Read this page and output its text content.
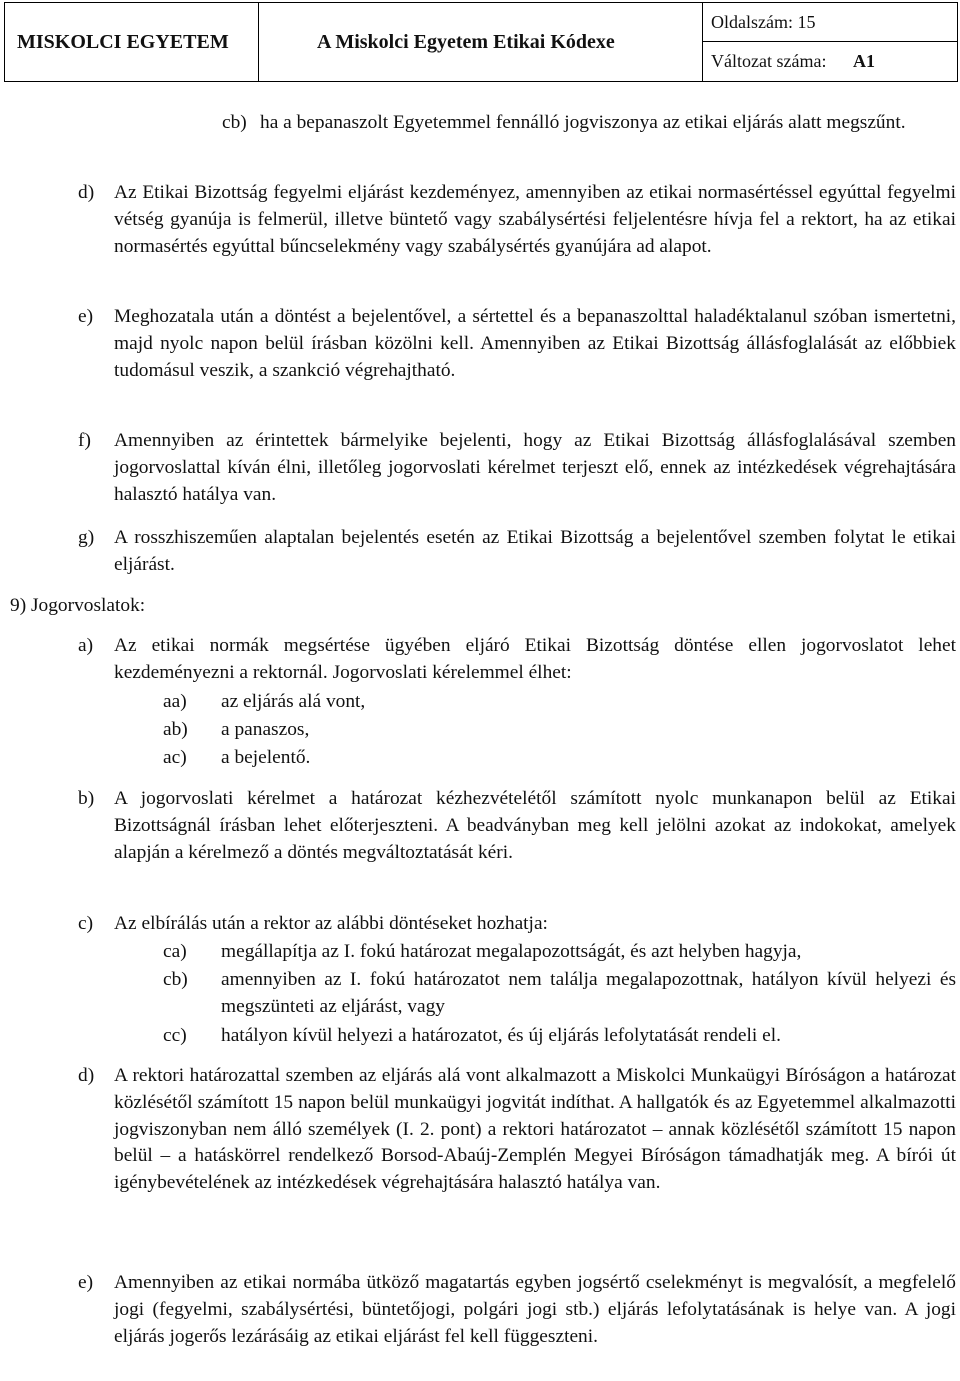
MISKOLCI EGYETEM	A Miskolci Egyetem Etikai Kódexe
Oldalszám: 15
Változat száma:	A1
cb) ha a bepanaszolt Egyetemmel fennálló jogviszonya az etikai eljárás alatt megszűnt.
d) Az Etikai Bizottság fegyelmi eljárást kezdeményez, amennyiben az etikai normasértéssel egyúttal fegyelmi vétség gyanúja is felmerül, illetve büntető vagy szabálysértési feljelentésre hívja fel a rektort, ha az etikai normasértés egyúttal bűncselekmény vagy szabálysértés gyanújára ad alapot.
e) Meghozatala után a döntést a bejelentővel, a sértettel és a bepanaszolttal haladéktalanul szóban ismertetni, majd nyolc napon belül írásban közölni kell. Amennyiben az Etikai Bizottság állásfoglalását az előbbiek tudomásul veszik, a szankció végrehajtható.
f) Amennyiben az érintettek bármelyike bejelenti, hogy az Etikai Bizottság állásfoglalásával szemben jogorvoslattal kíván élni, illetőleg jogorvoslati kérelmet terjeszt elő, ennek az intézkedések végrehajtására halasztó hatálya van.
g) A rosszhiszeműen alaptalan bejelentés esetén az Etikai Bizottság a bejelentővel szemben folytat le etikai eljárást.
9) Jogorvoslatok:
a) Az etikai normák megsértése ügyében eljáró Etikai Bizottság döntése ellen jogorvoslatot lehet kezdeményezni a rektornál. Jogorvoslati kérelemmel élhet:
aa) az eljárás alá vont,
ab) a panaszos,
ac) a bejelentő.
b) A jogorvoslati kérelmet a határozat kézhezvételétől számított nyolc munkanapon belül az Etikai Bizottságnál írásban lehet előterjeszteni. A beadványban meg kell jelölni azokat az indokokat, amelyek alapján a kérelmező a döntés megváltoztatását kéri.
c) Az elbírálás után a rektor az alábbi döntéseket hozhatja:
ca) megállapítja az I. fokú határozat megalapozottságát, és azt helyben hagyja,
cb) amennyiben az I. fokú határozatot nem találja megalapozottnak, hatályon kívül helyezi és megszünteti az eljárást, vagy
cc) hatályon kívül helyezi a határozatot, és új eljárás lefolytatását rendeli el.
d) A rektori határozattal szemben az eljárás alá vont alkalmazott a Miskolci Munkaügyi Bíróságon a határozat közlésétől számított 15 napon belül munkaügyi jogvitát indíthat. A hallgatók és az Egyetemmel alkalmazotti jogviszonyban nem álló személyek (I. 2. pont) a rektori határozatot – annak közlésétől számított 15 napon belül – a hatáskörrel rendelkező Borsod-Abaúj-Zemplén Megyei Bíróságon támadhatják meg. A bírói út igénybevételének az intézkedések végrehajtására halasztó hatálya van.
e) Amennyiben az etikai normába ütköző magatartás egyben jogsértő cselekményt is megvalósít, a megfelelő jogi (fegyelmi, szabálysértési, büntetőjogi, polgári jogi stb.) eljárás lefolytatásának is helye van. A jogi eljárás jogerős lezárásáig az etikai eljárást fel kell függeszteni.
